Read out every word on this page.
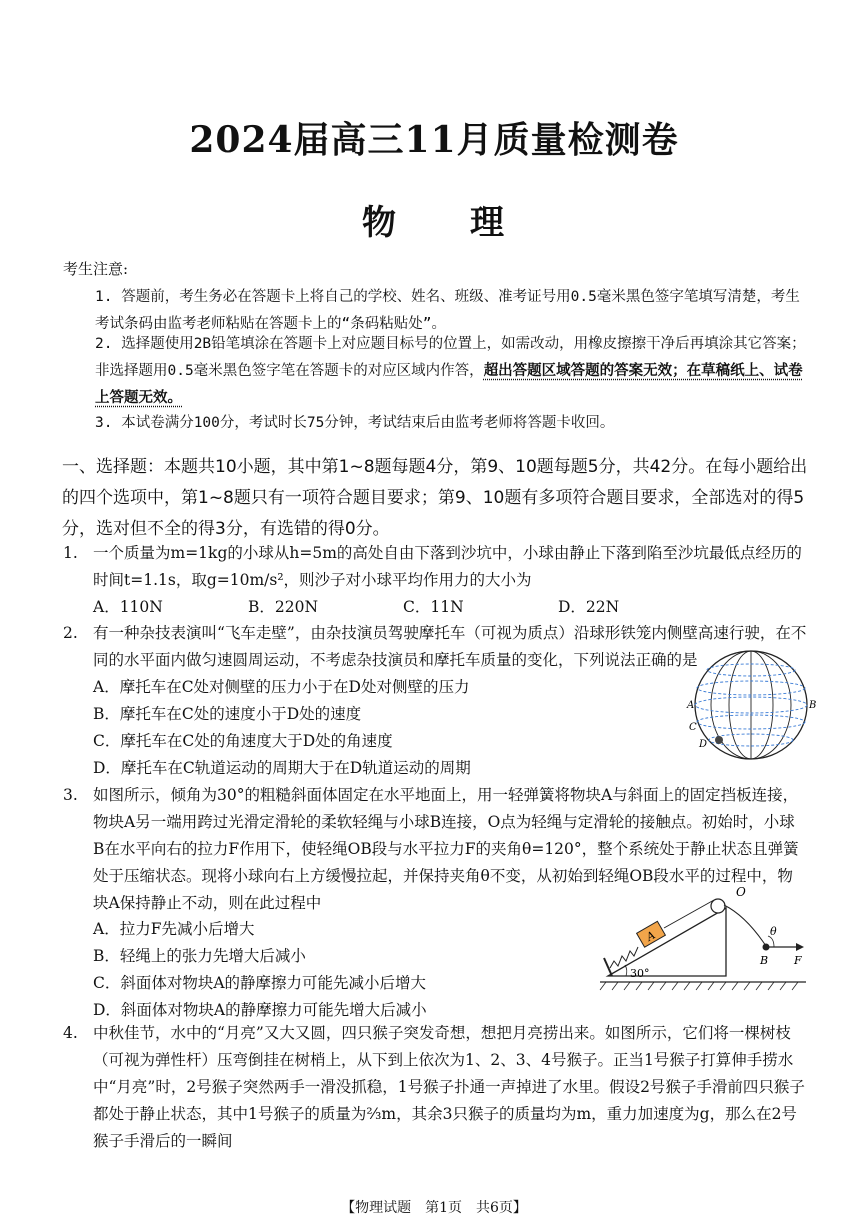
2024届高三11月质量检测卷
物　　理
考生注意:
1. 答题前，考生务必在答题卡上将自己的学校、姓名、班级、准考证号用0.5毫米黑色签字笔填写清楚，考生考试条码由监考老师粘贴在答题卡上的“条码粘贴处”。
2. 选择题使用2B铅笔填涂在答题卡上对应题目标号的位置上，如需改动，用橡皮擦擦干净后再填涂其它答案；非选择题用0.5毫米黑色签字笔在答题卡的对应区域内作答，超出答题区域答题的答案无效；在草稿纸上、试卷上答题无效。
3. 本试卷满分100分，考试时长75分钟，考试结束后由监考老师将答题卡收回。
一、选择题：本题共10小题，其中第1~8题每题4分，第9、10题每题5分，共42分。在每小题给出的四个选项中，第1~8题只有一项符合题目要求；第9、10题有多项符合题目要求，全部选对的得5分，选对但不全的得3分，有选错的得0分。
1. 一个质量为m=1kg的小球从h=5m的高处自由下落到沙坑中，小球由静止下落到陷至沙坑最低点经历的时间t=1.1s，取g=10m/s²，则沙子对小球平均作用力的大小为
A．110N	B．220N	C．11N	D．22N
2. 有一种杂技表演叫“飞车走壁”，由杂技演员驾驶摩托车（可视为质点）沿球形铁笼内侧壁高速行驶，在不同的水平面内做匀速圆周运动，不考虑杂技演员和摩托车质量的变化，下列说法正确的是
A．摩托车在C处对侧壁的压力小于在D处对侧壁的压力
B．摩托车在C处的速度小于D处的速度
C．摩托车在C处的角速度大于D处的角速度
D．摩托车在C轨道运动的周期大于在D轨道运动的周期
A	B
C
D
3. 如图所示，倾角为30°的粗糙斜面体固定在水平地面上，用一轻弹簧将物块A与斜面上的固定挡板连接，物块A另一端用跨过光滑定滑轮的柔软轻绳与小球B连接，O点为轻绳与定滑轮的接触点。初始时，小球B在水平向右的拉力F作用下，使轻绳OB段与水平拉力F的夹角θ=120°，整个系统处于静止状态且弹簧处于压缩状态。现将小球向右上方缓慢拉起，并保持夹角θ不变，从初始到轻绳OB段水平的过程中，物块A保持静止不动，则在此过程中
A．拉力F先减小后增大
B．轻绳上的张力先增大后减小
C．斜面体对物块A的静摩擦力可能先减小后增大
D．斜面体对物块A的静摩擦力可能先增大后减小
A
O
θ
B F
30°
4. 中秋佳节，水中的“月亮”又大又圆，四只猴子突发奇想，想把月亮捞出来。如图所示，它们将一棵树枝（可视为弹性杆）压弯倒挂在树梢上，从下到上依次为1、2、3、4号猴子。正当1号猴子打算伸手捞水中“月亮”时，2号猴子突然两手一滑没抓稳，1号猴子扑通一声掉进了水里。假设2号猴子手滑前四只猴子都处于静止状态，其中1号猴子的质量为⅔m，其余3只猴子的质量均为m，重力加速度为g，那么在2号猴子手滑后的一瞬间
【物理试题　第1页　共6页】
